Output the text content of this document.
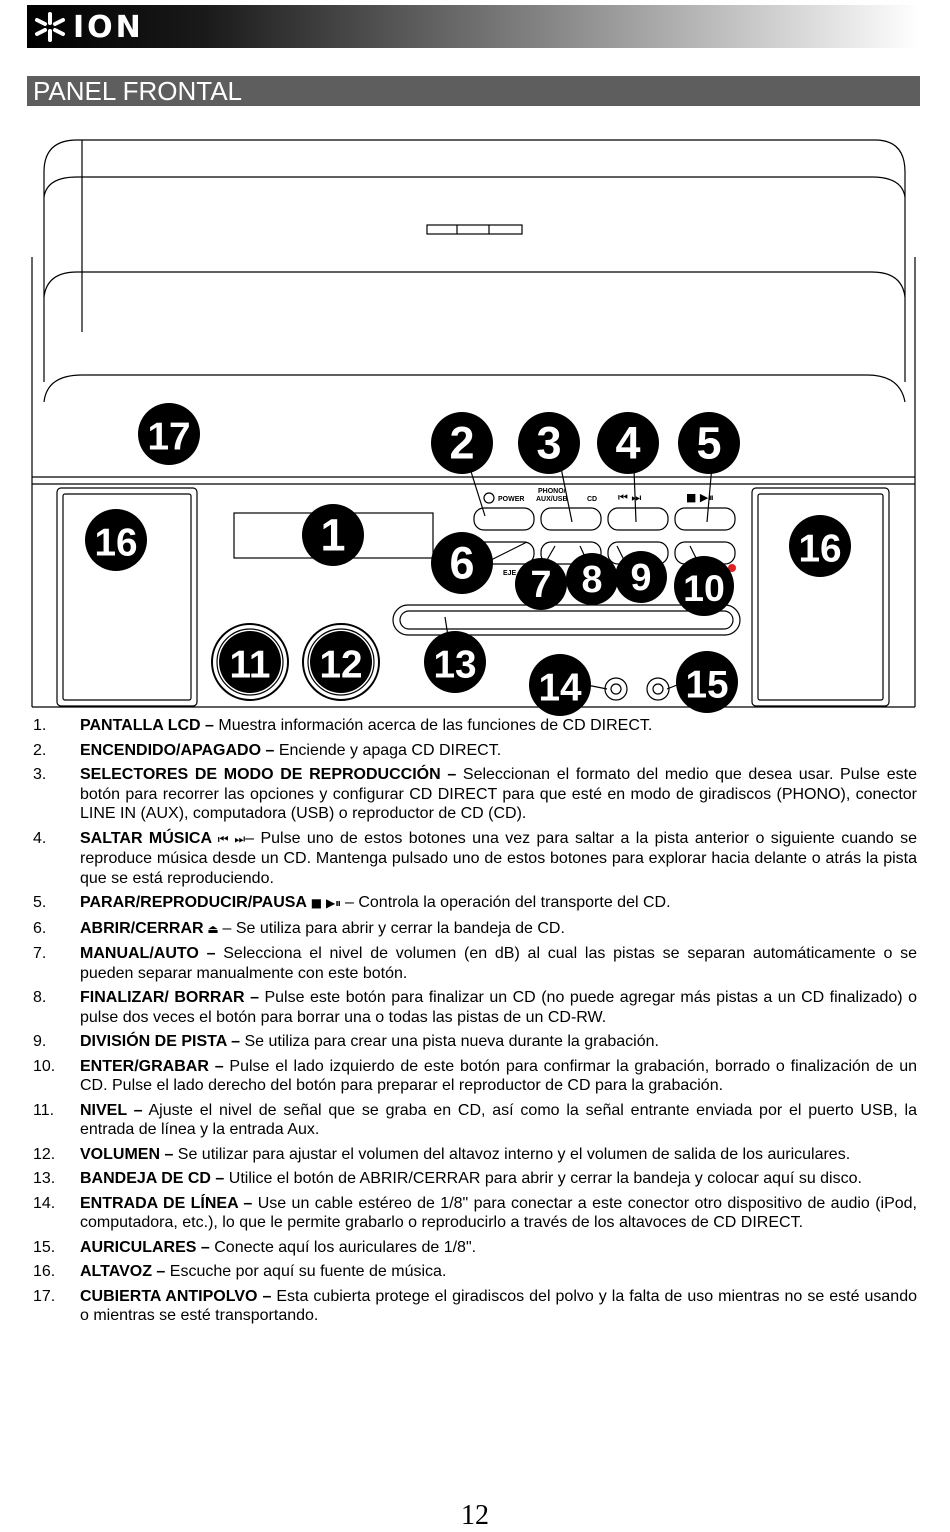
ION
PANEL FRONTAL
POWER
PHONO/
AUX/USB	CD
EJE
⏮ ⏭	■ ▶⏸
1
2 3 4 5
6 7 8 9 10
11 12 13
14	15
16	16
17
1.	PANTALLA LCD – Muestra información acerca de las funciones de CD DIRECT.
2.	ENCENDIDO/APAGADO – Enciende y apaga CD DIRECT.
3.	SELECTORES DE MODO DE REPRODUCCIÓN – Seleccionan el formato del medio que desea usar. Pulse este botón para recorrer las opciones y configurar CD DIRECT para que esté en modo de giradiscos (PHONO), conector LINE IN (AUX), computadora (USB) o reproductor de CD (CD).
4.	SALTAR MÚSICA ⏮ ⏭– Pulse uno de estos botones una vez para saltar a la pista anterior o siguiente cuando se reproduce música desde un CD. Mantenga pulsado uno de estos botones para explorar hacia delante o atrás la pista que se está reproduciendo.
5.	PARAR/REPRODUCIR/PAUSA ■ ▶⏸ – Controla la operación del transporte del CD.
6.	ABRIR/CERRAR ⏏ – Se utiliza para abrir y cerrar la bandeja de CD.
7.	MANUAL/AUTO – Selecciona el nivel de volumen (en dB) al cual las pistas se separan automáticamente o se pueden separar manualmente con este botón.
8.	FINALIZAR/ BORRAR – Pulse este botón para finalizar un CD (no puede agregar más pistas a un CD finalizado) o pulse dos veces el botón para borrar una o todas las pistas de un CD-RW.
9.	DIVISIÓN DE PISTA – Se utiliza para crear una pista nueva durante la grabación.
10.	ENTER/GRABAR – Pulse el lado izquierdo de este botón para confirmar la grabación, borrado o finalización de un CD. Pulse el lado derecho del botón para preparar el reproductor de CD para la grabación.
11.	NIVEL – Ajuste el nivel de señal que se graba en CD, así como la señal entrante enviada por el puerto USB, la entrada de línea y la entrada Aux.
12.	VOLUMEN – Se utilizar para ajustar el volumen del altavoz interno y el volumen de salida de los auriculares.
13.	BANDEJA DE CD – Utilice el botón de ABRIR/CERRAR para abrir y cerrar la bandeja y colocar aquí su disco.
14.	ENTRADA DE LÍNEA – Use un cable estéreo de 1/8" para conectar a este conector otro dispositivo de audio (iPod, computadora, etc.), lo que le permite grabarlo o reproducirlo a través de los altavoces de CD DIRECT.
15.	AURICULARES – Conecte aquí los auriculares de 1/8".
16.	ALTAVOZ – Escuche por aquí su fuente de música.
17.	CUBIERTA ANTIPOLVO – Esta cubierta protege el giradiscos del polvo y la falta de uso mientras no se esté usando o mientras se esté transportando.
12
